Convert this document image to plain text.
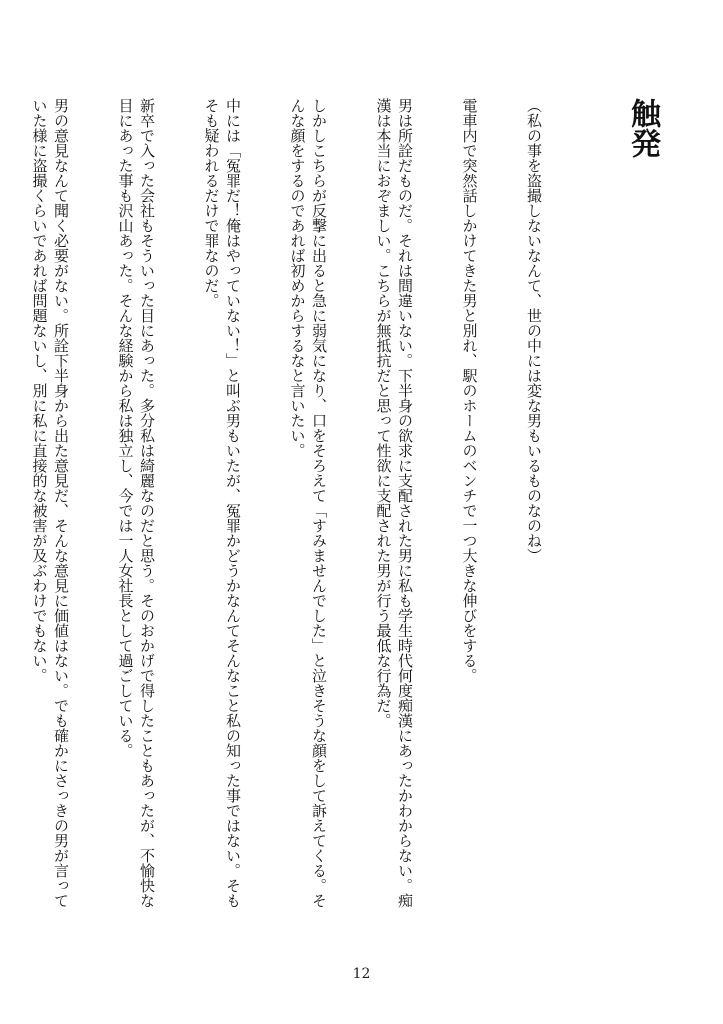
触発

（私の事を盗撮しないなんて、世の中には変な男もいるものなのね）

電車内で突然話しかけてきた男と別れ、駅のホームのベンチで一つ大きな伸びをする。

男は所詮だものだ。それは間違いない。下半身の欲求に支配された男に私も学生時代何度痴漢にあったかわからない。痴漢は本当におぞましい。こちらが無抵抗だと思って性欲に支配された男が行う最低な行為だ。

しかしこちらが反撃に出ると急に弱気になり、口をそろえて「すみませんでした」と泣きそうな顔をして訴えてくる。そんな顔をするのであれば初めからするなと言いたい。

中には「冤罪だ！俺はやっていない！」と叫ぶ男もいたが、冤罪かどうかなんてそんなこと私の知った事ではない。そもそも疑われるだけで罪なのだ。

新卒で入った会社もそういった目にあった。多分私は綺麗なのだと思う。そのおかげで得したこともあったが、不愉快な目にあった事も沢山あった。そんな経験から私は独立し、今では一人女社長として過ごしている。

男の意見なんて聞く必要がない。所詮下半身から出た意見だ、そんな意見に価値はない。でも確かにさっきの男が言っていた様に盗撮くらいであれば問題ないし、別に私に直接的な被害が及ぶわけでもない。

12
